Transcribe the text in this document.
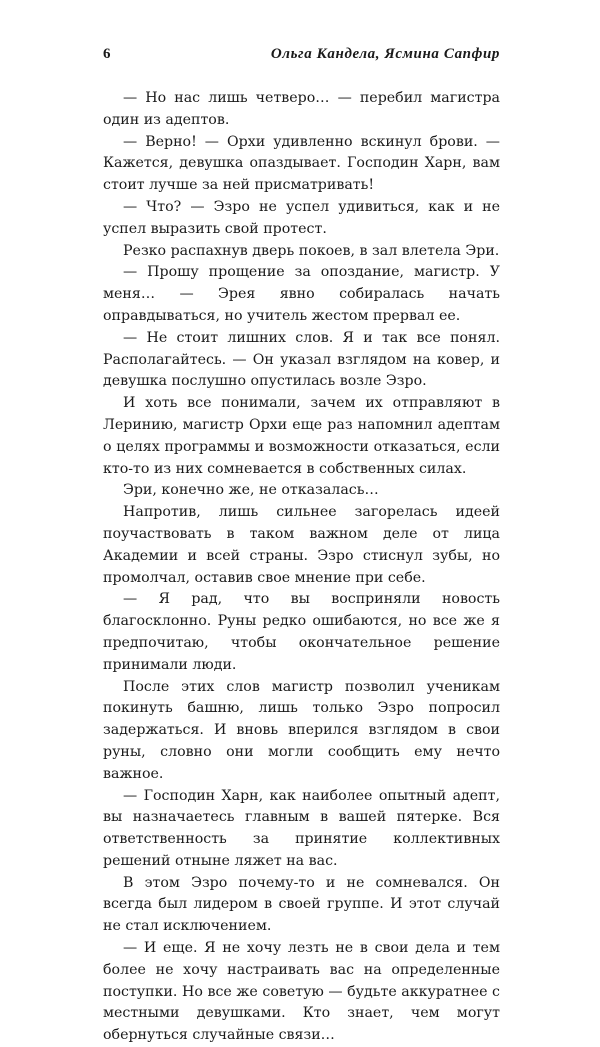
6	Ольга Кандела, Ясмина Сапфир

— Но нас лишь четверо… — перебил магистра один из адептов.

— Верно! — Орхи удивленно вскинул брови. — Кажется, девушка опаздывает. Господин Харн, вам стоит лучше за ней присматривать!

— Что? — Эзро не успел удивиться, как и не успел выразить свой протест.

Резко распахнув дверь покоев, в зал влетела Эри.

— Прошу прощение за опоздание, магистр. У меня… — Эрея явно собиралась начать оправдываться, но учитель жестом прервал ее.

— Не стоит лишних слов. Я и так все понял. Располагайтесь. — Он указал взглядом на ковер, и девушка послушно опустилась возле Эзро.

И хоть все понимали, зачем их отправляют в Леринию, магистр Орхи еще раз напомнил адептам о целях программы и возможности отказаться, если кто-то из них сомневается в собственных силах.

Эри, конечно же, не отказалась…

Напротив, лишь сильнее загорелась идеей поучаствовать в таком важном деле от лица Академии и всей страны. Эзро стиснул зубы, но промолчал, оставив свое мнение при себе.

— Я рад, что вы восприняли новость благосклонно. Руны редко ошибаются, но все же я предпочитаю, чтобы окончательное решение принимали люди.

После этих слов магистр позволил ученикам покинуть башню, лишь только Эзро попросил задержаться. И вновь вперился взглядом в свои руны, словно они могли сообщить ему нечто важное.

— Господин Харн, как наиболее опытный адепт, вы назначаетесь главным в вашей пятерке. Вся ответственность за принятие коллективных решений отныне ляжет на вас.

В этом Эзро почему-то и не сомневался. Он всегда был лидером в своей группе. И этот случай не стал исключением.

— И еще. Я не хочу лезть не в свои дела и тем более не хочу настраивать вас на определенные поступки. Но все же советую — будьте аккуратнее с местными девушками. Кто знает, чем могут обернуться случайные связи…
